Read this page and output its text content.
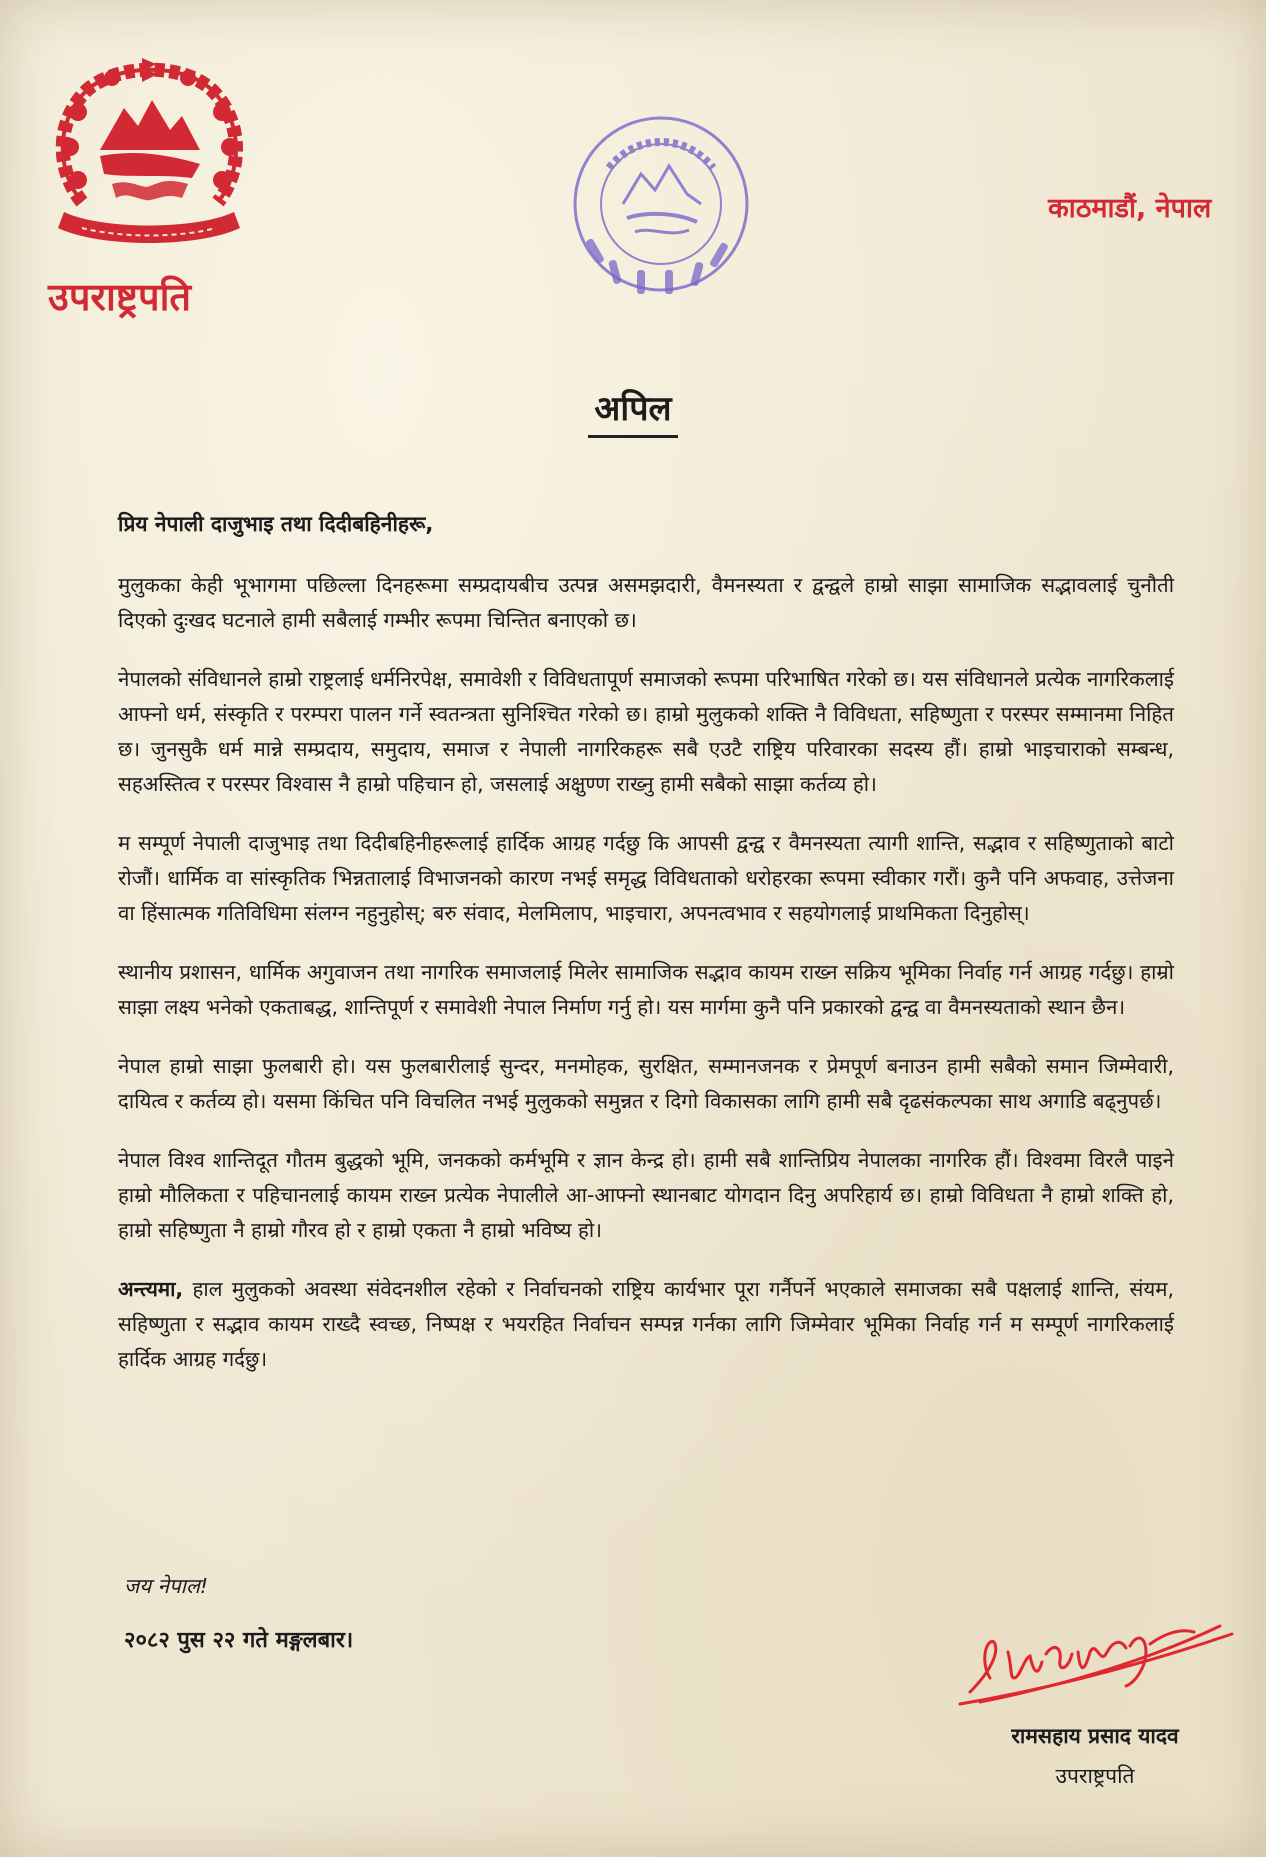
उपराष्ट्रपति
काठमाडौं, नेपाल
अपिल
प्रिय नेपाली दाजुभाइ तथा दिदीबहिनीहरू,

मुलुकका केही भूभागमा पछिल्ला दिनहरूमा सम्प्रदायबीच उत्पन्न असमझदारी, वैमनस्यता र द्वन्द्वले हाम्रो साझा सामाजिक सद्भावलाई चुनौती दिएको दुःखद घटनाले हामी सबैलाई गम्भीर रूपमा चिन्तित बनाएको छ।

नेपालको संविधानले हाम्रो राष्ट्रलाई धर्मनिरपेक्ष, समावेशी र विविधतापूर्ण समाजको रूपमा परिभाषित गरेको छ। यस संविधानले प्रत्येक नागरिकलाई आफ्नो धर्म, संस्कृति र परम्परा पालन गर्ने स्वतन्त्रता सुनिश्चित गरेको छ। हाम्रो मुलुकको शक्ति नै विविधता, सहिष्णुता र परस्पर सम्मानमा निहित छ। जुनसुकै धर्म मान्ने सम्प्रदाय, समुदाय, समाज र नेपाली नागरिकहरू सबै एउटै राष्ट्रिय परिवारका सदस्य हौं। हाम्रो भाइचाराको सम्बन्ध, सहअस्तित्व र परस्पर विश्वास नै हाम्रो पहिचान हो, जसलाई अक्षुण्ण राख्नु हामी सबैको साझा कर्तव्य हो।

म सम्पूर्ण नेपाली दाजुभाइ तथा दिदीबहिनीहरूलाई हार्दिक आग्रह गर्दछु कि आपसी द्वन्द्व र वैमनस्यता त्यागी शान्ति, सद्भाव र सहिष्णुताको बाटो रोजौं। धार्मिक वा सांस्कृतिक भिन्नतालाई विभाजनको कारण नभई समृद्ध विविधताको धरोहरका रूपमा स्वीकार गरौं। कुनै पनि अफवाह, उत्तेजना वा हिंसात्मक गतिविधिमा संलग्न नहुनुहोस्; बरु संवाद, मेलमिलाप, भाइचारा, अपनत्वभाव र सहयोगलाई प्राथमिकता दिनुहोस्।

स्थानीय प्रशासन, धार्मिक अगुवाजन तथा नागरिक समाजलाई मिलेर सामाजिक सद्भाव कायम राख्न सक्रिय भूमिका निर्वाह गर्न आग्रह गर्दछु। हाम्रो साझा लक्ष्य भनेको एकताबद्ध, शान्तिपूर्ण र समावेशी नेपाल निर्माण गर्नु हो। यस मार्गमा कुनै पनि प्रकारको द्वन्द्व वा वैमनस्यताको स्थान छैन।

नेपाल हाम्रो साझा फुलबारी हो। यस फुलबारीलाई सुन्दर, मनमोहक, सुरक्षित, सम्मानजनक र प्रेमपूर्ण बनाउन हामी सबैको समान जिम्मेवारी, दायित्व र कर्तव्य हो। यसमा किंचित पनि विचलित नभई मुलुकको समुन्नत र दिगो विकासका लागि हामी सबै दृढसंकल्पका साथ अगाडि बढ्नुपर्छ।

नेपाल विश्व शान्तिदूत गौतम बुद्धको भूमि, जनकको कर्मभूमि र ज्ञान केन्द्र हो। हामी सबै शान्तिप्रिय नेपालका नागरिक हौं। विश्वमा विरलै पाइने हाम्रो मौलिकता र पहिचानलाई कायम राख्न प्रत्येक नेपालीले आ-आफ्नो स्थानबाट योगदान दिनु अपरिहार्य छ। हाम्रो विविधता नै हाम्रो शक्ति हो, हाम्रो सहिष्णुता नै हाम्रो गौरव हो र हाम्रो एकता नै हाम्रो भविष्य हो।

अन्त्यमा, हाल मुलुकको अवस्था संवेदनशील रहेको र निर्वाचनको राष्ट्रिय कार्यभार पूरा गर्नैपर्ने भएकाले समाजका सबै पक्षलाई शान्ति, संयम, सहिष्णुता र सद्भाव कायम राख्दै स्वच्छ, निष्पक्ष र भयरहित निर्वाचन सम्पन्न गर्नका लागि जिम्मेवार भूमिका निर्वाह गर्न म सम्पूर्ण नागरिकलाई हार्दिक आग्रह गर्दछु।

जय नेपाल!
२०८२ पुस २२ गते मङ्गलबार।
रामसहाय प्रसाद यादव
उपराष्ट्रपति
